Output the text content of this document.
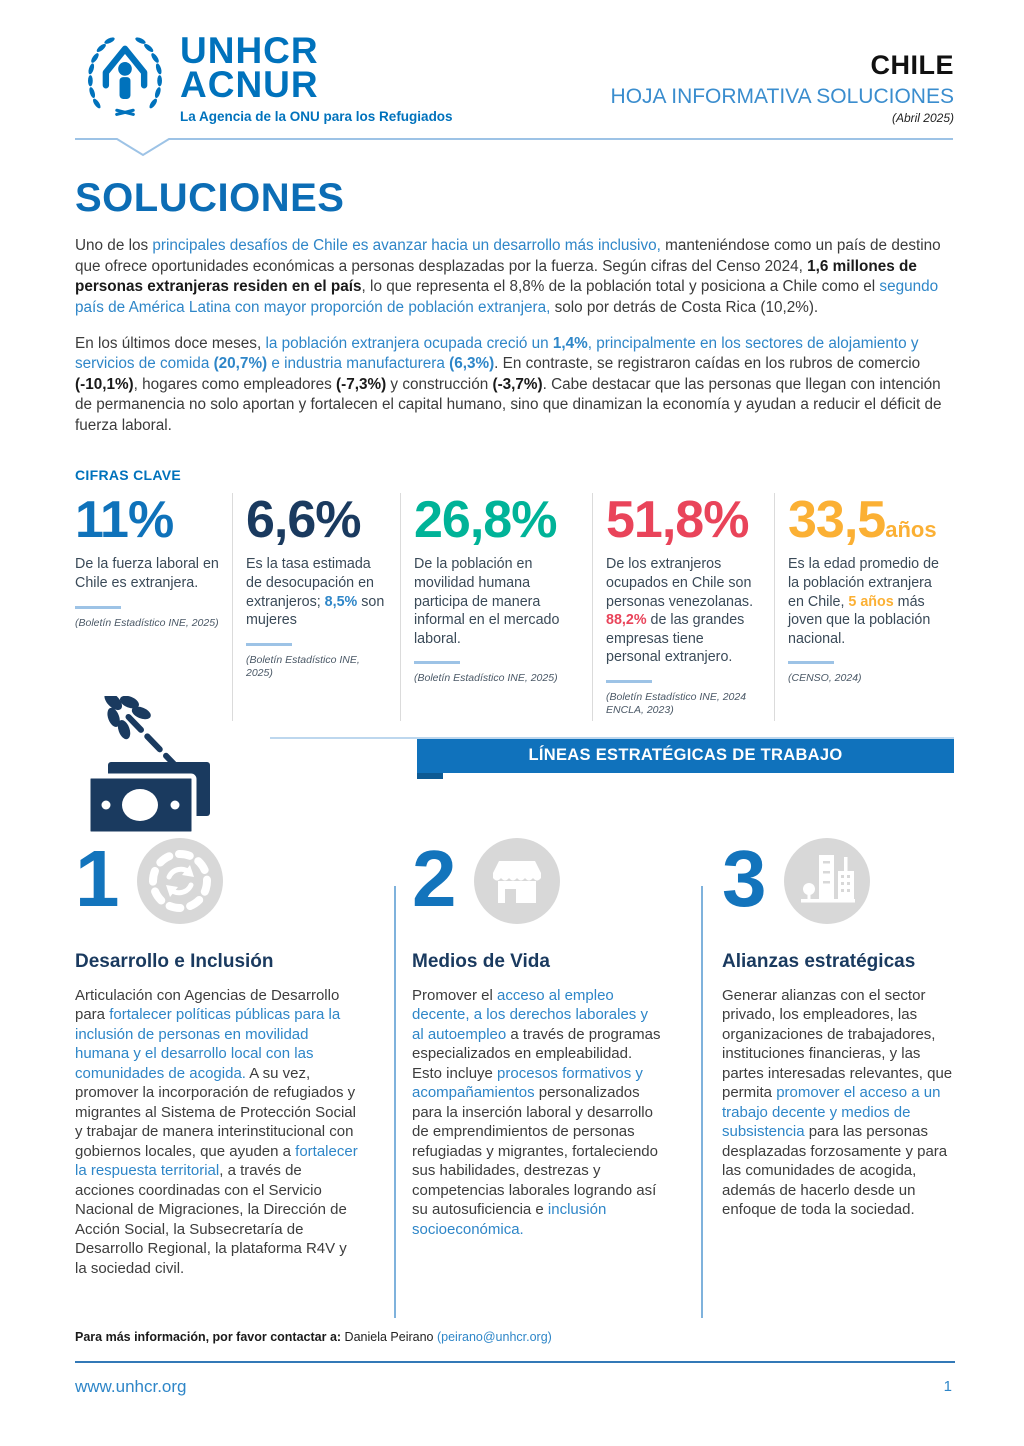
UNHCR
ACNUR
La Agencia de la ONU para los Refugiados
CHILE
HOJA INFORMATIVA SOLUCIONES
(Abril 2025)
SOLUCIONES

Uno de los principales desafíos de Chile es avanzar hacia un desarrollo más inclusivo, manteniéndose como un país de destino que ofrece oportunidades económicas a personas desplazadas por la fuerza. Según cifras del Censo 2024, 1,6 millones de personas extranjeras residen en el país, lo que representa el 8,8% de la población total y posiciona a Chile como el segundo país de América Latina con mayor proporción de población extranjera, solo por detrás de Costa Rica (10,2%).

En los últimos doce meses, la población extranjera ocupada creció un 1,4%, principalmente en los sectores de alojamiento y servicios de comida (20,7%) e industria manufacturera (6,3%). En contraste, se registraron caídas en los rubros de comercio (-10,1%), hogares como empleadores (-7,3%) y construcción (-3,7%). Cabe destacar que las personas que llegan con intención de permanencia no solo aportan y fortalecen el capital humano, sino que dinamizan la economía y ayudan a reducir el déficit de fuerza laboral.

CIFRAS CLAVE
11%
De la fuerza laboral en Chile es extranjera.
(Boletín Estadístico INE, 2025)
6,6%
Es la tasa estimada de desocupación en extranjeros; 8,5% son mujeres
(Boletín Estadístico INE, 2025)
26,8%
De la población en movilidad humana participa de manera informal en el mercado laboral.
(Boletín Estadístico INE, 2025)
51,8%
De los extranjeros ocupados en Chile son personas venezolanas. 88,2% de las grandes empresas tiene personal extranjero.
(Boletín Estadístico INE, 2024 ENCLA, 2023)
33,5años
Es la edad promedio de la población extranjera en Chile, 5 años más joven que la población nacional.
(CENSO, 2024)
LÍNEAS ESTRATÉGICAS DE TRABAJO
1
Desarrollo e Inclusión
Articulación con Agencias de Desarrollo para fortalecer políticas públicas para la inclusión de personas en movilidad humana y el desarrollo local con las comunidades de acogida. A su vez, promover la incorporación de refugiados y migrantes al Sistema de Protección Social y trabajar de manera interinstitucional con gobiernos locales, que ayuden a fortalecer la respuesta territorial, a través de acciones coordinadas con el Servicio Nacional de Migraciones, la Dirección de Acción Social, la Subsecretaría de Desarrollo Regional, la plataforma R4V y la sociedad civil.
2
Medios de Vida
Promover el acceso al empleo decente, a los derechos laborales y al autoempleo a través de programas especializados en empleabilidad. Esto incluye procesos formativos y acompañamientos personalizados para la inserción laboral y desarrollo de emprendimientos de personas refugiadas y migrantes, fortaleciendo sus habilidades, destrezas y competencias laborales logrando así su autosuficiencia e inclusión socioeconómica.
3
Alianzas estratégicas
Generar alianzas con el sector privado, los empleadores, las organizaciones de trabajadores, instituciones financieras, y las partes interesadas relevantes, que permita promover el acceso a un trabajo decente y medios de subsistencia para las personas desplazadas forzosamente y para las comunidades de acogida, además de hacerlo desde un enfoque de toda la sociedad.
Para más información, por favor contactar a: Daniela Peirano (peirano@unhcr.org)
www.unhcr.org	1
